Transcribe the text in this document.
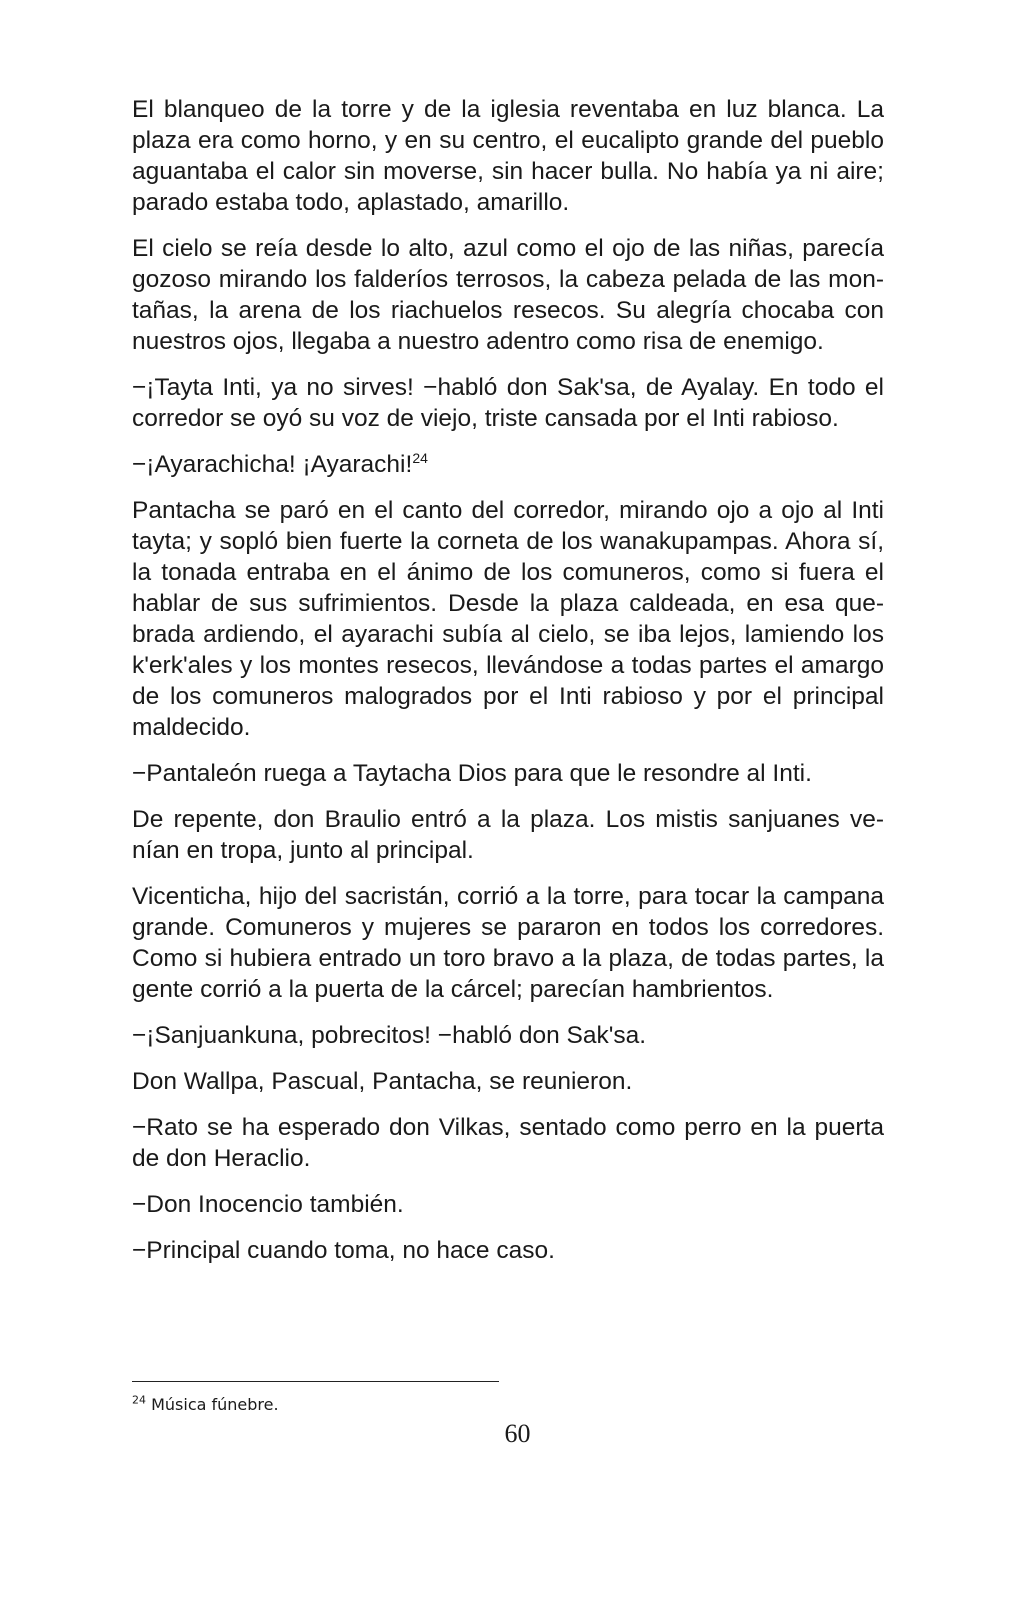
El blanqueo de la torre y de la iglesia reventaba en luz blanca. La plaza era como horno, y en su centro, el eucalipto grande del pueblo aguantaba el calor sin moverse, sin hacer bulla. No había ya ni aire; parado estaba todo, aplastado, amarillo.

El cielo se reía desde lo alto, azul como el ojo de las niñas, parecía gozoso mirando los falderíos terrosos, la cabeza pelada de las montañas, la arena de los riachuelos resecos. Su alegría chocaba con nuestros ojos, llegaba a nuestro adentro como risa de enemigo.

−¡Tayta Inti, ya no sirves! −habló don Sak'sa, de Ayalay. En todo el corredor se oyó su voz de viejo, triste cansada por el Inti rabioso.

−¡Ayarachicha! ¡Ayarachi!$^{24}$

Pantacha se paró en el canto del corredor, mirando ojo a ojo al Inti tayta; y sopló bien fuerte la corneta de los wanakupampas. Ahora sí, la tonada entraba en el ánimo de los comuneros, como si fuera el hablar de sus sufrimientos. Desde la plaza caldeada, en esa quebrada ardiendo, el ayarachi subía al cielo, se iba lejos, lamiendo los k'erk'ales y los montes resecos, llevándose a todas partes el amargo de los comuneros malogrados por el Inti rabioso y por el principal maldecido.

−Pantaleón ruega a Taytacha Dios para que le resondre al Inti.

De repente, don Braulio entró a la plaza. Los mistis sanjuanes venían en tropa, junto al principal.

Vicenticha, hijo del sacristán, corrió a la torre, para tocar la campana grande. Comuneros y mujeres se pararon en todos los corredores. Como si hubiera entrado un toro bravo a la plaza, de todas partes, la gente corrió a la puerta de la cárcel; parecían hambrientos.

−¡Sanjuankuna, pobrecitos! −habló don Sak'sa.

Don Wallpa, Pascual, Pantacha, se reunieron.

−Rato se ha esperado don Vilkas, sentado como perro en la puerta de don Heraclio.

−Don Inocencio también.

−Principal cuando toma, no hace caso.

$^{24}$ Música fúnebre.
60
